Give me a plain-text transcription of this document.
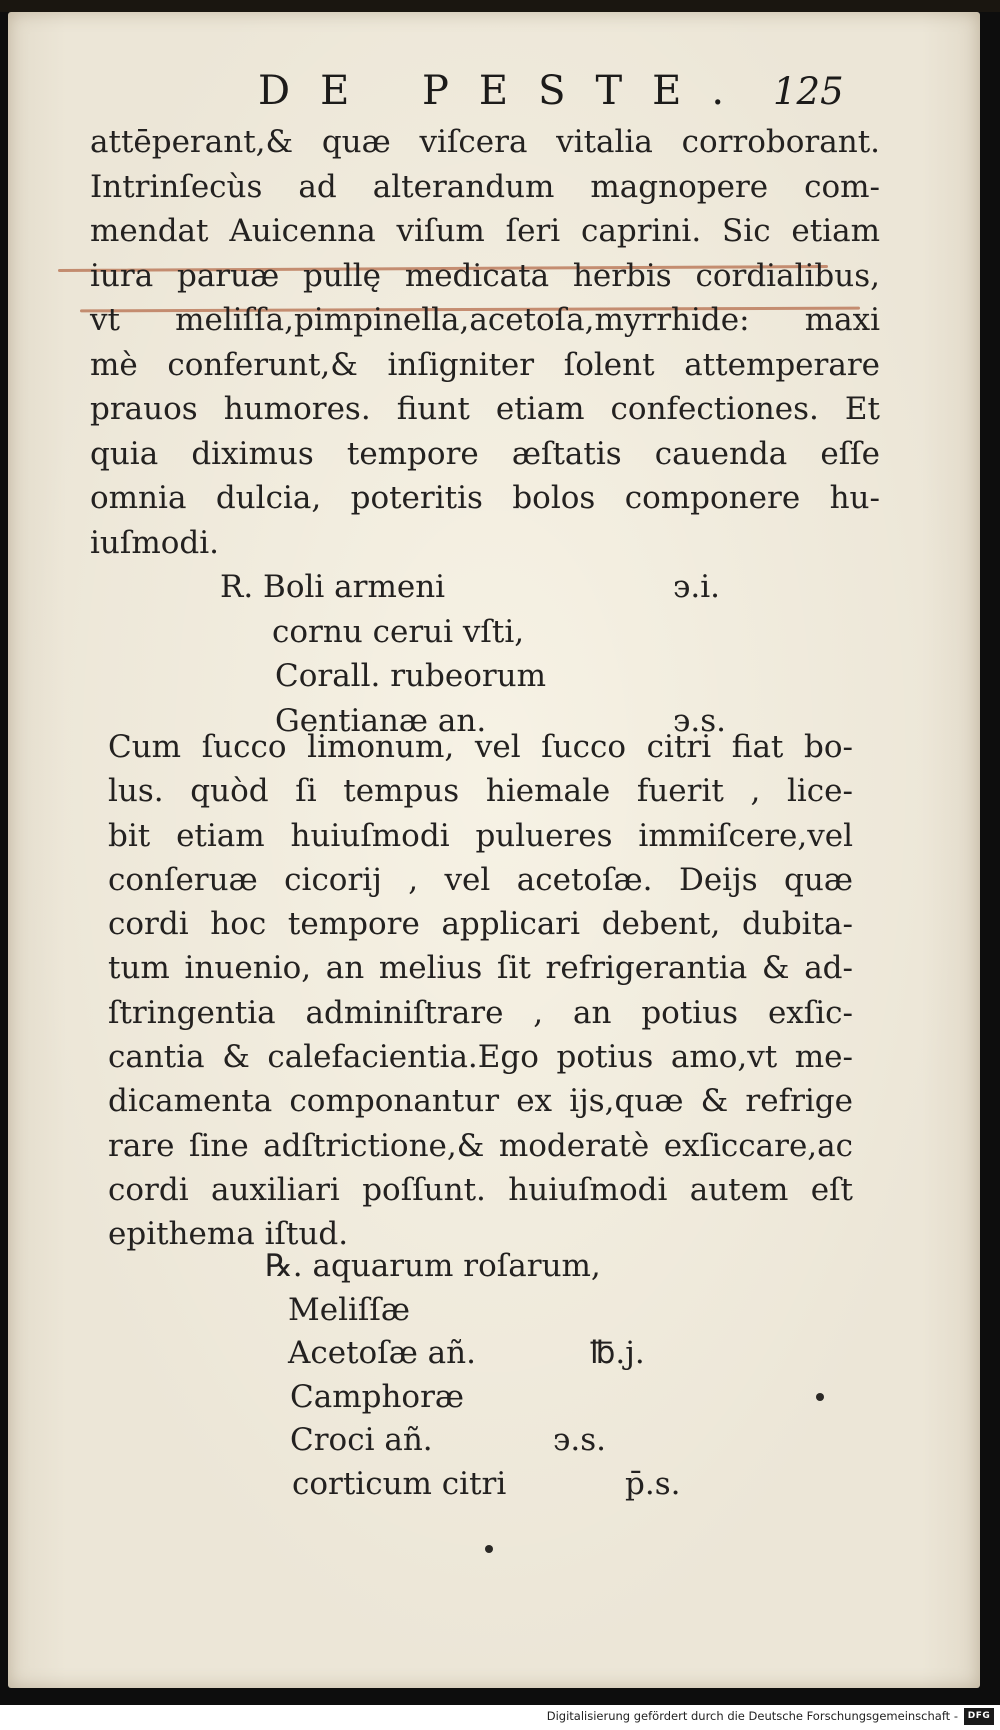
DE PESTE. 125
attēperant,& quæ viſcera vitalia corroborant.
Intrinſecùs ad alterandum magnopere com‑
mendat Auicenna viſum ſeri caprini. Sic etiam
iura paruæ pullę medicata herbis cordialibus,
vt meliſſa,pimpinella,acetoſa,myrrhide: maxi
mè conferunt,& inſigniter ſolent attemperare
prauos humores. fiunt etiam confectiones. Et
quia diximus tempore æſtatis cauenda eſſe
omnia dulcia, poteritis bolos componere hu‑
iuſmodi.
R. Boli armeni	϶.i.
cornu cerui vſti,
Corall. rubeorum
Gentianæ an.	϶.s.
Cum ſucco limonum, vel ſucco citri fiat bo‑
lus. quòd ſi tempus hiemale fuerit , lice‑
bit etiam huiuſmodi pulueres immiſcere,vel
conſeruæ cicorij , vel acetoſæ. Deijs quæ
cordi hoc tempore applicari debent, dubita‑
tum inuenio, an melius ſit refrigerantia & ad‑
ſtringentia adminiſtrare , an potius exſic‑
cantia & calefacientia.Ego potius amo,vt me‑
dicamenta componantur ex ijs,quæ & refrige
rare ſine adſtrictione,& moderatè exſiccare,ac
cordi auxiliari poſſunt. huiuſmodi autem eſt
epithema iſtud.
℞. aquarum roſarum,
Meliſſæ
Acetoſæ añ.	℔.j.
Camphoræ
Croci añ.	϶.s.
corticum citri	p̄.s.
Digitalisierung gefördert durch die Deutsche Forschungsgemeinschaft -	DFG
